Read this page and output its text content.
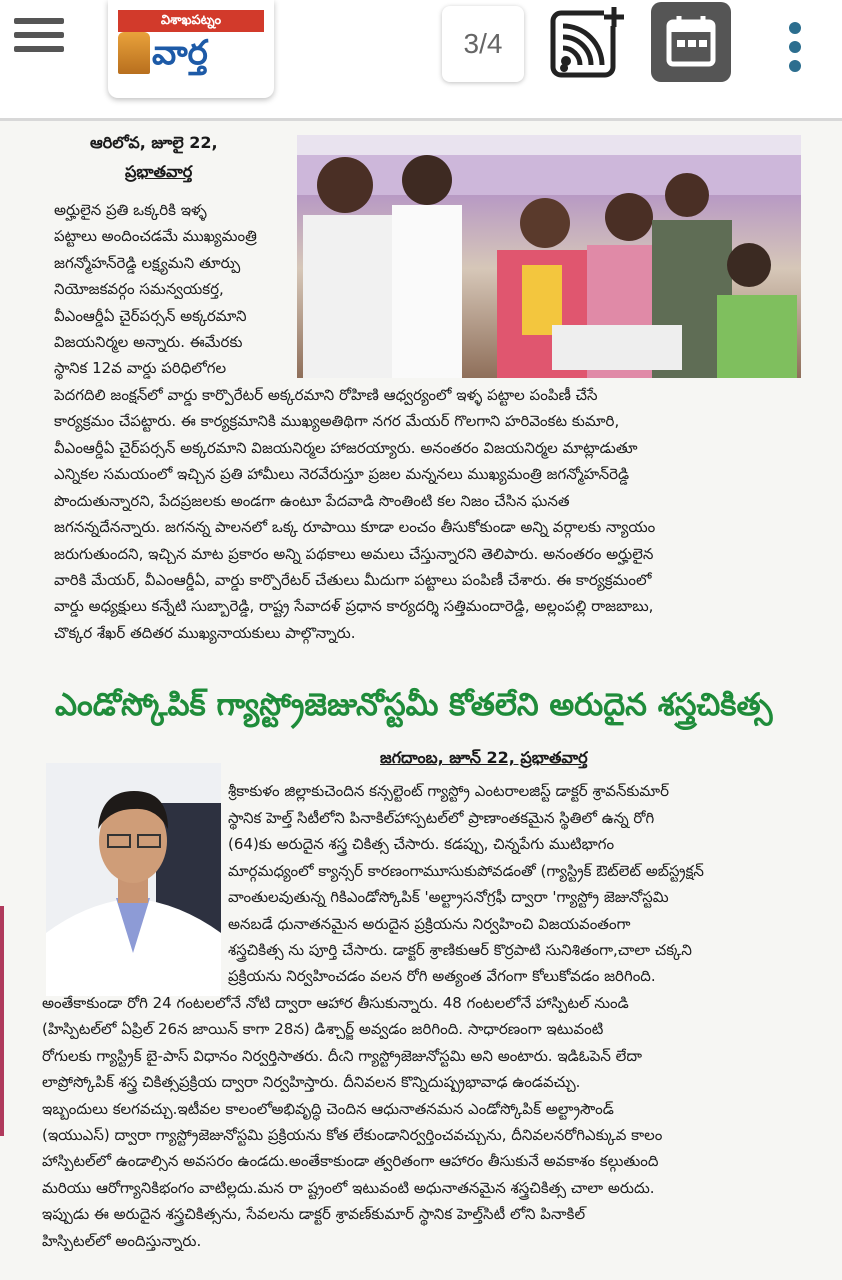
విశాఖపట్నం
వార్త	3/4
ఆరిలోవ, జూలై 22,
ప్రభాతవార్త
అర్హులైన ప్రతి ఒక్కరికి ఇళ్ళ
పట్టాలు అందించడమే ముఖ్యమంత్రి
జగన్మోహన్‌రెడ్డి లక్ష్యమని తూర్పు
నియోజకవర్గం సమన్వయకర్త,
వీఎంఆర్డీఏ చైర్‌పర్సన్ అక్కరమాని
విజయనిర్మల అన్నారు. ఈమేరకు
స్థానిక 12వ వార్డు పరిధిలోగల
పెదగదిలి జంక్షన్‌లో వార్డు కార్పొరేటర్ అక్కరమాని రోహిణి ఆధ్వర్యంలో ఇళ్ళ పట్టాల పంపిణీ చేసే
కార్యక్రమం చేపట్టారు. ఈ కార్యక్రమానికి ముఖ్యఅతిథిగా నగర మేయర్ గొలగాని హరివెంకట కుమారి,
వీఎంఆర్డీఏ చైర్‌పర్సన్ అక్కరమాని విజయనిర్మల హాజరయ్యారు. అనంతరం విజయనిర్మల మాట్లాడుతూ
ఎన్నికల సమయంలో ఇచ్చిన ప్రతి హామీలు నెరవేరుస్తూ ప్రజల మన్ననలు ముఖ్యమంత్రి జగన్మోహన్‌రెడ్డి
పొందుతున్నారని, పేదప్రజలకు అండగా ఉంటూ పేదవాడి సొంతింటి కల నిజం చేసిన ఘనత
జగనన్నదేనన్నారు. జగనన్న పాలనలో ఒక్క రూపాయి కూడా లంచం తీసుకోకుండా అన్ని వర్గాలకు న్యాయం
జరుగుతుందని, ఇచ్చిన మాట ప్రకారం అన్ని పథకాలు అమలు చేస్తున్నారని తెలిపారు. అనంతరం అర్హులైన
వారికి మేయర్, వీఎంఆర్డీఏ, వార్డు కార్పొరేటర్ చేతులు మీదుగా పట్టాలు పంపిణీ చేశారు. ఈ కార్యక్రమంలో
వార్డు అధ్యక్షులు కన్నేటి సుబ్బారెడ్డి, రాష్ట్ర సేవాదళ్ ప్రధాన కార్యదర్శి సత్తిమందారెడ్డి, అల్లంపల్లి రాజబాబు,
చొక్కర శేఖర్ తదితర ముఖ్యనాయకులు పాల్గొన్నారు.
ఎండోస్కోపిక్ గ్యాస్ట్రోజెజునోస్టమీ కోతలేని అరుదైన శస్త్రచికిత్స
జగదాంబ, జూన్ 22, ప్రభాతవార్త
శ్రీకాకుళం జిల్లాకుచెందిన కన్సల్టెంట్ గ్యాస్ట్రో ఎంటరాలజిస్ట్ డాక్టర్ శ్రావన్‌కుమార్
స్థానిక హెల్త్ సిటీలోని పినాకిల్‌హాస్పటల్‌లో ప్రాణాంతకమైన స్థితిలో ఉన్న రోగి
(64)కు అరుదైన శస్త్ర చికిత్స చేసారు. కడప్పు, చిన్నపేగు ముటిభాగం
మార్గమధ్యంలో క్యాన్సర్ కారణంగామూసుకుపోవడంతో (గ్యాస్ట్రిక్ ఔట్‌లెట్ అబ్‌స్ట్రక్షన్
వాంతులవుతున్న గికిఎండోస్కోపిక్ 'అల్ట్రాసనోగ్రఫీ ద్వారా 'గ్యాస్ట్రో జెజునోస్టమి
అనబడే ధునాతనమైన అరుదైన ప్రక్రియను నిర్వహించి విజయవంతంగా
శస్త్రచికిత్స ను పూర్తి చేసారు. డాక్టర్ శ్రాణికుఆర్ కొర్రపాటి సునిశితంగా,చాలా చక్కని
ప్రక్రియను నిర్వహించడం వలన రోగి అత్యంత వేగంగా కోలుకోవడం జరిగింది.
అంతేకాకుండా రోగి 24 గంటలలోనే నోటి ద్వారా ఆహార తీసుకున్నారు. 48 గంటలలోనే హాస్పిటల్ నుండి
(హిస్పిటల్‌లో ఏప్రిల్ 26న జాయిన్ కాగా 28న) డిశ్చార్జ్ అవ్వడం జరిగింది. సాధారణంగా ఇటువంటి
రోగులకు గ్యాస్ట్రిక్ బై-పాస్ విధానం నిర్వర్తిసాతరు. దీఁని గ్యాస్ట్రోజెజునోస్టమి అని అంటారు. ఇడిఓపెన్ లేదా
లాప్రోస్కోపిక్ శస్త్ర చికిత్సప్రక్రియ ద్వారా నిర్వహిస్తారు. దీనివలన కొన్నిదుష్ప్రభావాఢ ఉండవచ్చు.
ఇబ్బందులు కలగవచ్చు.ఇటీవల కాలంలోఅభివృద్ధి చెందిన ఆధునాతనమన ఎండోస్కోపిక్ అల్ట్రాసౌండ్
(ఇయుఎస్) ద్వారా గ్యాస్ట్రోజెజునోస్టమి ప్రక్రియను కోత లేకుండానిర్వర్తించవచ్చును, దీనివలనరోగిఎక్కువ కాలం
హాస్పిటల్‌లో ఉండాల్సిన అవసరం ఉండదు.అంతేకాకుండా త్వరితంగా ఆహారం తీసుకునే అవకాశం కల్గుతుంది
మరియు ఆరోగ్యానికిభంగం వాటిల్లదు.మన రా ష్ట్రంలో ఇటువంటి అధునాతనమైన శస్త్రచికిత్స చాలా అరుదు.
ఇప్పుడు ఈ అరుదైన శస్త్రచికిత్సను, సేవలను డాక్టర్ శ్రావణ్‌కుమార్ స్థానిక హెల్త్‌సిటీ లోని పినాకిల్
హిస్పిటల్‌లో అందిస్తున్నారు.
